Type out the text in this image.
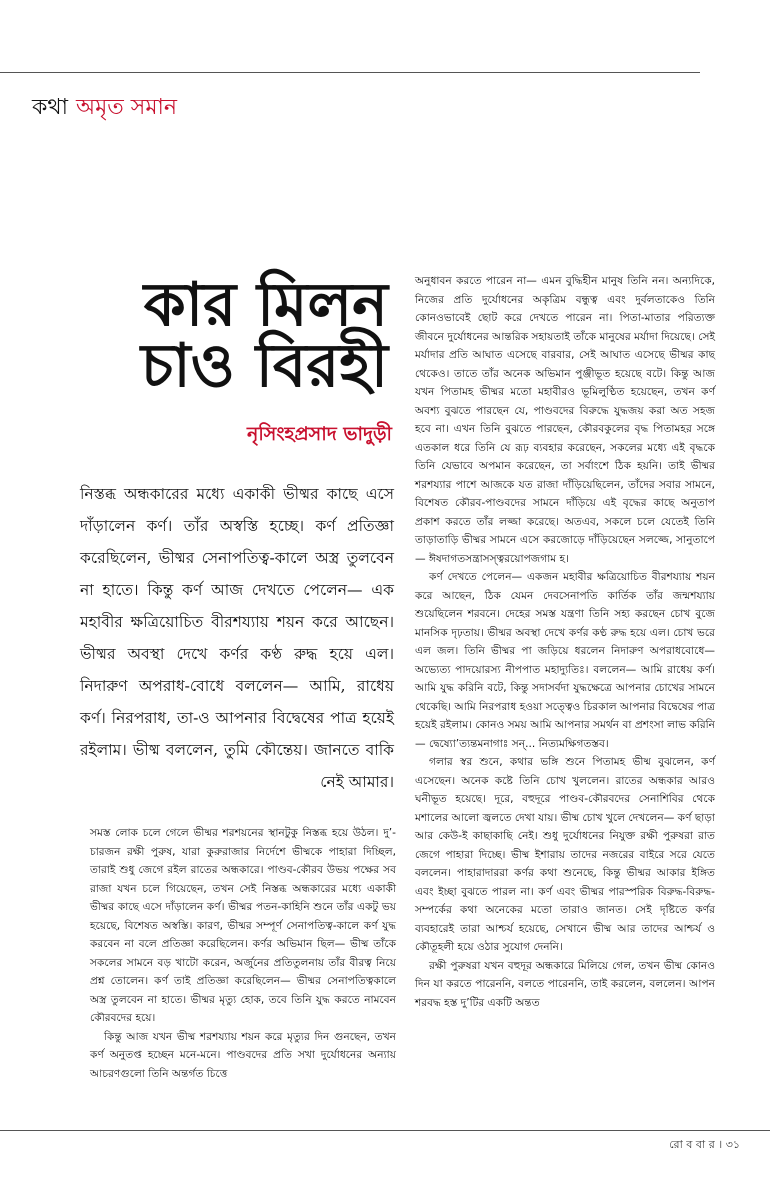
কথা অমৃত সমান
কার মিলন
চাও বিরহী
নৃসিংহপ্রসাদ ভাদুড়ী
নিস্তব্ধ অন্ধকারের মধ্যে একাকী ভীষ্মর কাছে এসে দাঁড়ালেন কর্ণ। তাঁর অস্বস্তি হচ্ছে। কর্ণ প্রতিজ্ঞা করেছিলেন, ভীষ্মর সেনাপতিত্ব-কালে অস্ত্র তুলবেন না হাতে। কিন্তু কর্ণ আজ দেখতে পেলেন— এক মহাবীর ক্ষত্রিয়োচিত বীরশয্যায় শয়ন করে আছেন। ভীষ্মর অবস্থা দেখে কর্ণর কণ্ঠ রুদ্ধ হয়ে এল। নিদারুণ অপরাধ-বোধে বললেন— আমি, রাধেয় কর্ণ। নিরপরাধ, তা-ও আপনার বিদ্বেষের পাত্র হয়েই রইলাম। ভীষ্ম বললেন, তুমি কৌন্তেয়। জানতে বাকি নেই আমার।

সমস্ত লোক চলে গেলে ভীষ্মর শরশয়নের স্থানটুকু নিস্তব্ধ হয়ে উঠল। দু’-চারজন রক্ষী পুরুষ, যারা কুরুরাজার নির্দেশে ভীষ্মকে পাহারা দিচ্ছিল, তারাই শুধু জেগে রইল রাতের অন্ধকারে। পাণ্ডব-কৌরব উভয় পক্ষের সব রাজা যখন চলে গিয়েছেন, তখন সেই নিস্তব্ধ অন্ধকারের মধ্যে একাকী ভীষ্মর কাছে এসে দাঁড়ালেন কর্ণ। ভীষ্মর পতন-কাহিনি শুনে তাঁর একটু ভয় হয়েছে, বিশেষত অস্বস্তি। কারণ, ভীষ্মর সম্পূর্ণ সেনাপতিত্ব-কালে কর্ণ যুদ্ধ করবেন না বলে প্রতিজ্ঞা করেছিলেন। কর্ণর অভিমান ছিল— ভীষ্ম তাঁকে সকলের সামনে বড় খাটো করেন, অর্জুনের প্রতিতুলনায় তাঁর বীরত্ব নিয়ে প্রশ্ন তোলেন। কর্ণ তাই প্রতিজ্ঞা করেছিলেন— ভীষ্মর সেনাপতিত্বকালে অস্ত্র তুলবেন না হাতে। ভীষ্মর মৃত্যু হোক, তবে তিনি যুদ্ধ করতে নামবেন কৌরবদের হয়ে।

কিন্তু আজ যখন ভীষ্ম শরশয্যায় শয়ন করে মৃত্যুর দিন গুনছেন, তখন কর্ণ অনুতপ্ত হচ্ছেন মনে-মনে। পাণ্ডবদের প্রতি সখা দুর্যোধনের অন্যায় আচরণগুলো তিনি অন্তর্গত চিত্তে

অনুধাবন করতে পারেন না— এমন বুদ্ধিহীন মানুষ তিনি নন। অন্যদিকে, নিজের প্রতি দুর্যোধনের অকৃত্রিম বন্ধুত্ব এবং দুর্বলতাকেও তিনি কোনওভাবেই ছোট করে দেখতে পারেন না। পিতা-মাতার পরিত্যক্ত জীবনে দুর্যোধনের আন্তরিক সহায়তাই তাঁকে মানুষের মর্যাদা দিয়েছে। সেই মর্যাদার প্রতি আঘাত এসেছে বারবার, সেই আঘাত এসেছে ভীষ্মর কাছ থেকেও। তাতে তাঁর অনেক অভিমান পুঞ্জীভূত হয়েছে বটে। কিন্তু আজ যখন পিতামহ ভীষ্মর মতো মহাবীরও ভূমিলুণ্ঠিত হয়েছেন, তখন কর্ণ অবশ্য বুঝতে পারছেন যে, পাণ্ডবদের বিরুদ্ধে যুদ্ধজয় করা অত সহজ হবে না। এখন তিনি বুঝতে পারছেন, কৌরবকুলের বৃদ্ধ পিতামহর সঙ্গে এতকাল ধরে তিনি যে রূঢ় ব্যবহার করেছেন, সকলের মধ্যে এই বৃদ্ধকে তিনি যেভাবে অপমান করেছেন, তা সর্বাংশে ঠিক হয়নি। তাই ভীষ্মর শরশয্যার পাশে আজকে যত রাজা দাঁড়িয়েছিলেন, তাঁদের সবার সামনে, বিশেষত কৌরব-পাণ্ডবদের সামনে দাঁড়িয়ে এই বৃদ্ধের কাছে অনুতাপ প্রকাশ করতে তাঁর লজ্জা করেছে। অতএব, সকলে চলে যেতেই তিনি তাড়াতাড়ি ভীষ্মর সামনে এসে করজোড়ে দাঁড়িয়েছেন সলজ্জে, সানুতাপে— ঈষদাগতসন্ত্রাসস্ত্বরয়োপজগাম হ।

কর্ণ দেখতে পেলেন— একজন মহাবীর ক্ষত্রিয়োচিত বীরশয্যায় শয়ন করে আছেন, ঠিক যেমন দেবসেনাপতি কার্তিক তাঁর জন্মশয্যায় শুয়েছিলেন শরবনে। দেহের সমস্ত যন্ত্রণা তিনি সহ্য করছেন চোখ বুজে মানসিক দৃঢ়তায়। ভীষ্মর অবস্থা দেখে কর্ণর কণ্ঠ রুদ্ধ হয়ে এল। চোখ ভরে এল জল। তিনি ভীষ্মর পা জড়িয়ে ধরলেন নিদারুণ অপরাধবোধে— অভ্যেত্য পাদয়োরস্য নীপপাত মহাদ্যুতিঃ। বললেন— আমি রাধেয় কর্ণ। আমি যুদ্ধ করিনি বটে, কিন্তু সদাসর্বদা যুদ্ধক্ষেত্রে আপনার চোখের সামনে থেকেছি। আমি নিরপরাধ হওয়া সত্ত্বেও চিরকাল আপনার বিদ্বেষের পাত্র হয়েই রইলাম। কোনও সময় আমি আপনার সমর্থন বা প্রশংসা লাভ করিনি— দ্বেষ্যো’ত্যন্তমনাগাঃ সন্... নিত্যমক্ষিগতস্তব।

গলার স্বর শুনে, কথার ভঙ্গি শুনে পিতামহ ভীষ্ম বুঝলেন, কর্ণ এসেছেন। অনেক কষ্টে তিনি চোখ খুললেন। রাতের অন্ধকার আরও ঘনীভূত হয়েছে। দূরে, বহুদূরে পাণ্ডব-কৌরবদের সেনাশিবির থেকে মশালের আলো জ্বলতে দেখা যায়। ভীষ্ম চোখ খুলে দেখলেন— কর্ণ ছাড়া আর কেউ-ই কাছাকাছি নেই। শুধু দুর্যোধনের নিযুক্ত রক্ষী পুরুষরা রাত জেগে পাহারা দিচ্ছে। ভীষ্ম ইশারায় তাদের নজরের বাইরে সরে যেতে বললেন। পাহারাদাররা কর্ণর কথা শুনেছে, কিন্তু ভীষ্মর আকার ইঙ্গিত এবং ইচ্ছা বুঝতে পারল না। কর্ণ এবং ভীষ্মর পারস্পরিক বিরুদ্ধ-বিরুদ্ধ-সম্পর্কের কথা অনেকের মতো তারাও জানত। সেই দৃষ্টিতে কর্ণর ব্যবহারেই তারা আশ্চর্য হয়েছে, সেখানে ভীষ্ম আর তাদের আশ্চর্য ও কৌতূহলী হয়ে ওঠার সুযোগ দেননি।

রক্ষী পুরুষরা যখন বহুদূর অন্ধকারে মিলিয়ে গেল, তখন ভীষ্ম কোনও দিন যা করতে পারেননি, বলতে পারেননি, তাই করলেন, বললেন। আপন শরবদ্ধ হস্ত দু’টির একটি অন্তত

রো ব বা র । ৩১
